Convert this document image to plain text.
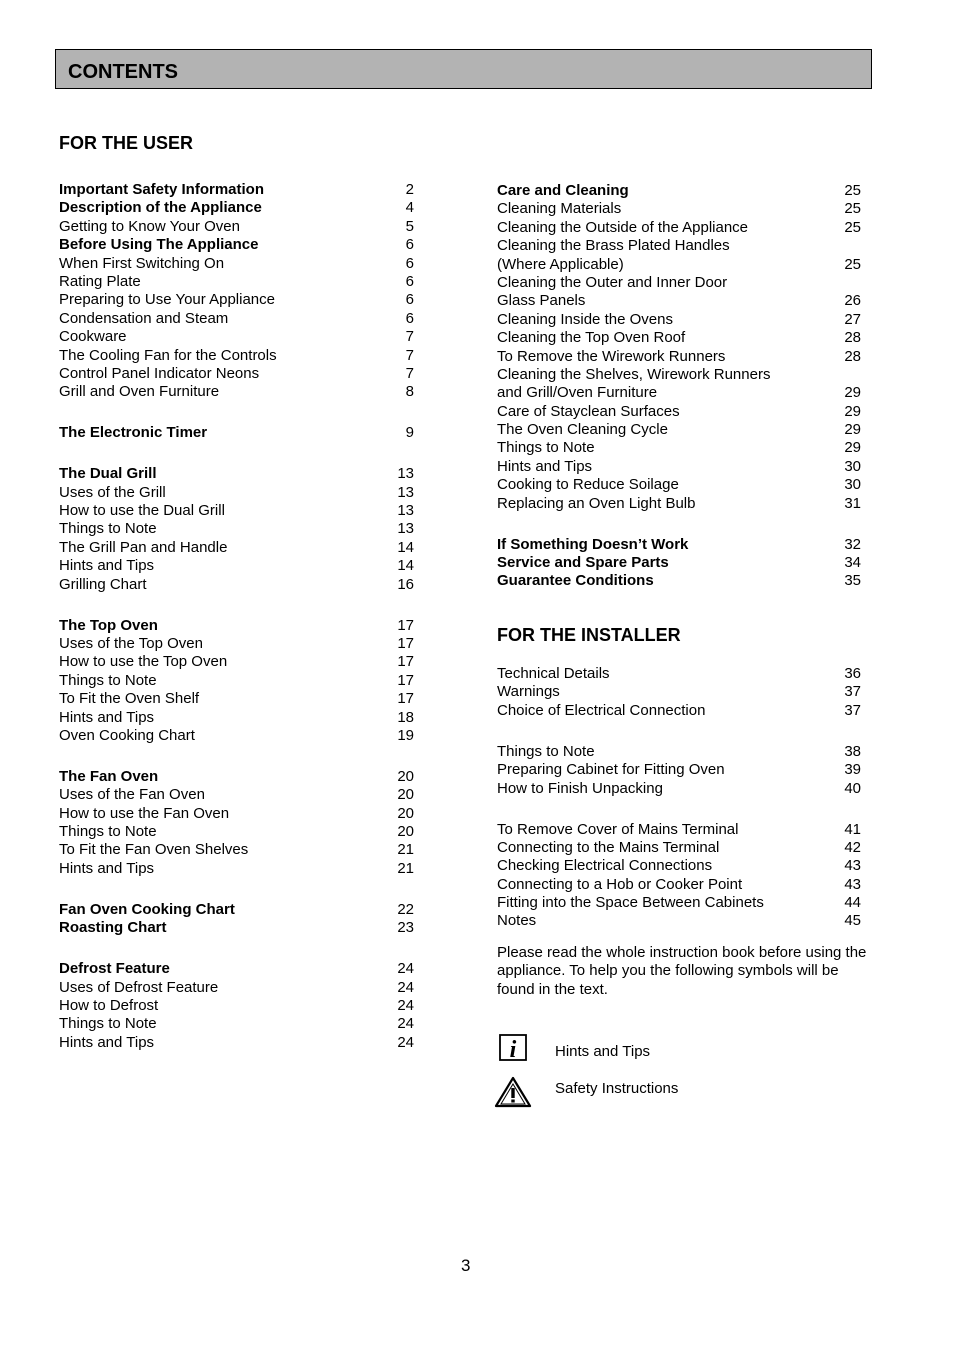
CONTENTS
FOR THE USER
Important Safety Information	2
Description of the Appliance	4
Getting to Know Your Oven	5
Before Using The Appliance	6
When First Switching On	6
Rating Plate	6
Preparing to Use Your Appliance	6
Condensation and Steam	6
Cookware	7
The Cooling Fan for the Controls	7
Control Panel Indicator Neons	7
Grill and Oven Furniture	8
The Electronic Timer	9
The Dual Grill	13
Uses of the Grill	13
How to use the Dual Grill	13
Things to Note	13
The Grill Pan and Handle	14
Hints and Tips	14
Grilling Chart	16
The Top Oven	17
Uses of the Top Oven	17
How to use the Top Oven	17
Things to Note	17
To Fit the Oven Shelf	17
Hints and Tips	18
Oven Cooking Chart	19
The Fan Oven	20
Uses of the Fan Oven	20
How to use the Fan Oven	20
Things to Note	20
To Fit the Fan Oven Shelves	21
Hints and Tips	21
Fan Oven Cooking Chart	22
Roasting Chart	23
Defrost Feature	24
Uses of Defrost Feature	24
How to Defrost	24
Things to Note	24
Hints and Tips	24
Care and Cleaning	25
Cleaning Materials	25
Cleaning the Outside of the Appliance	25
Cleaning the Brass Plated Handles
(Where Applicable)	25
Cleaning the Outer and Inner Door
Glass Panels	26
Cleaning Inside the Ovens	27
Cleaning the Top Oven Roof	28
To Remove the Wirework Runners	28
Cleaning the Shelves, Wirework Runners
and Grill/Oven Furniture	29
Care of Stayclean Surfaces	29
The Oven Cleaning Cycle	29
Things to Note	29
Hints and Tips	30
Cooking to Reduce Soilage	30
Replacing an Oven Light Bulb	31
If Something Doesn’t Work	32
Service and Spare Parts	34
Guarantee Conditions	35
FOR THE INSTALLER
Technical Details	36
Warnings	37
Choice of Electrical Connection	37
Things to Note	38
Preparing Cabinet for Fitting Oven	39
How to Finish Unpacking	40
To Remove Cover of Mains Terminal	41
Connecting to the Mains Terminal	42
Checking Electrical Connections	43
Connecting to a Hob or Cooker Point	43
Fitting into the Space Between Cabinets	44
Notes	45
Please read the whole instruction book before using the appliance. To help you the following symbols will be found in the text.
i	Hints and Tips
Safety Instructions
3
